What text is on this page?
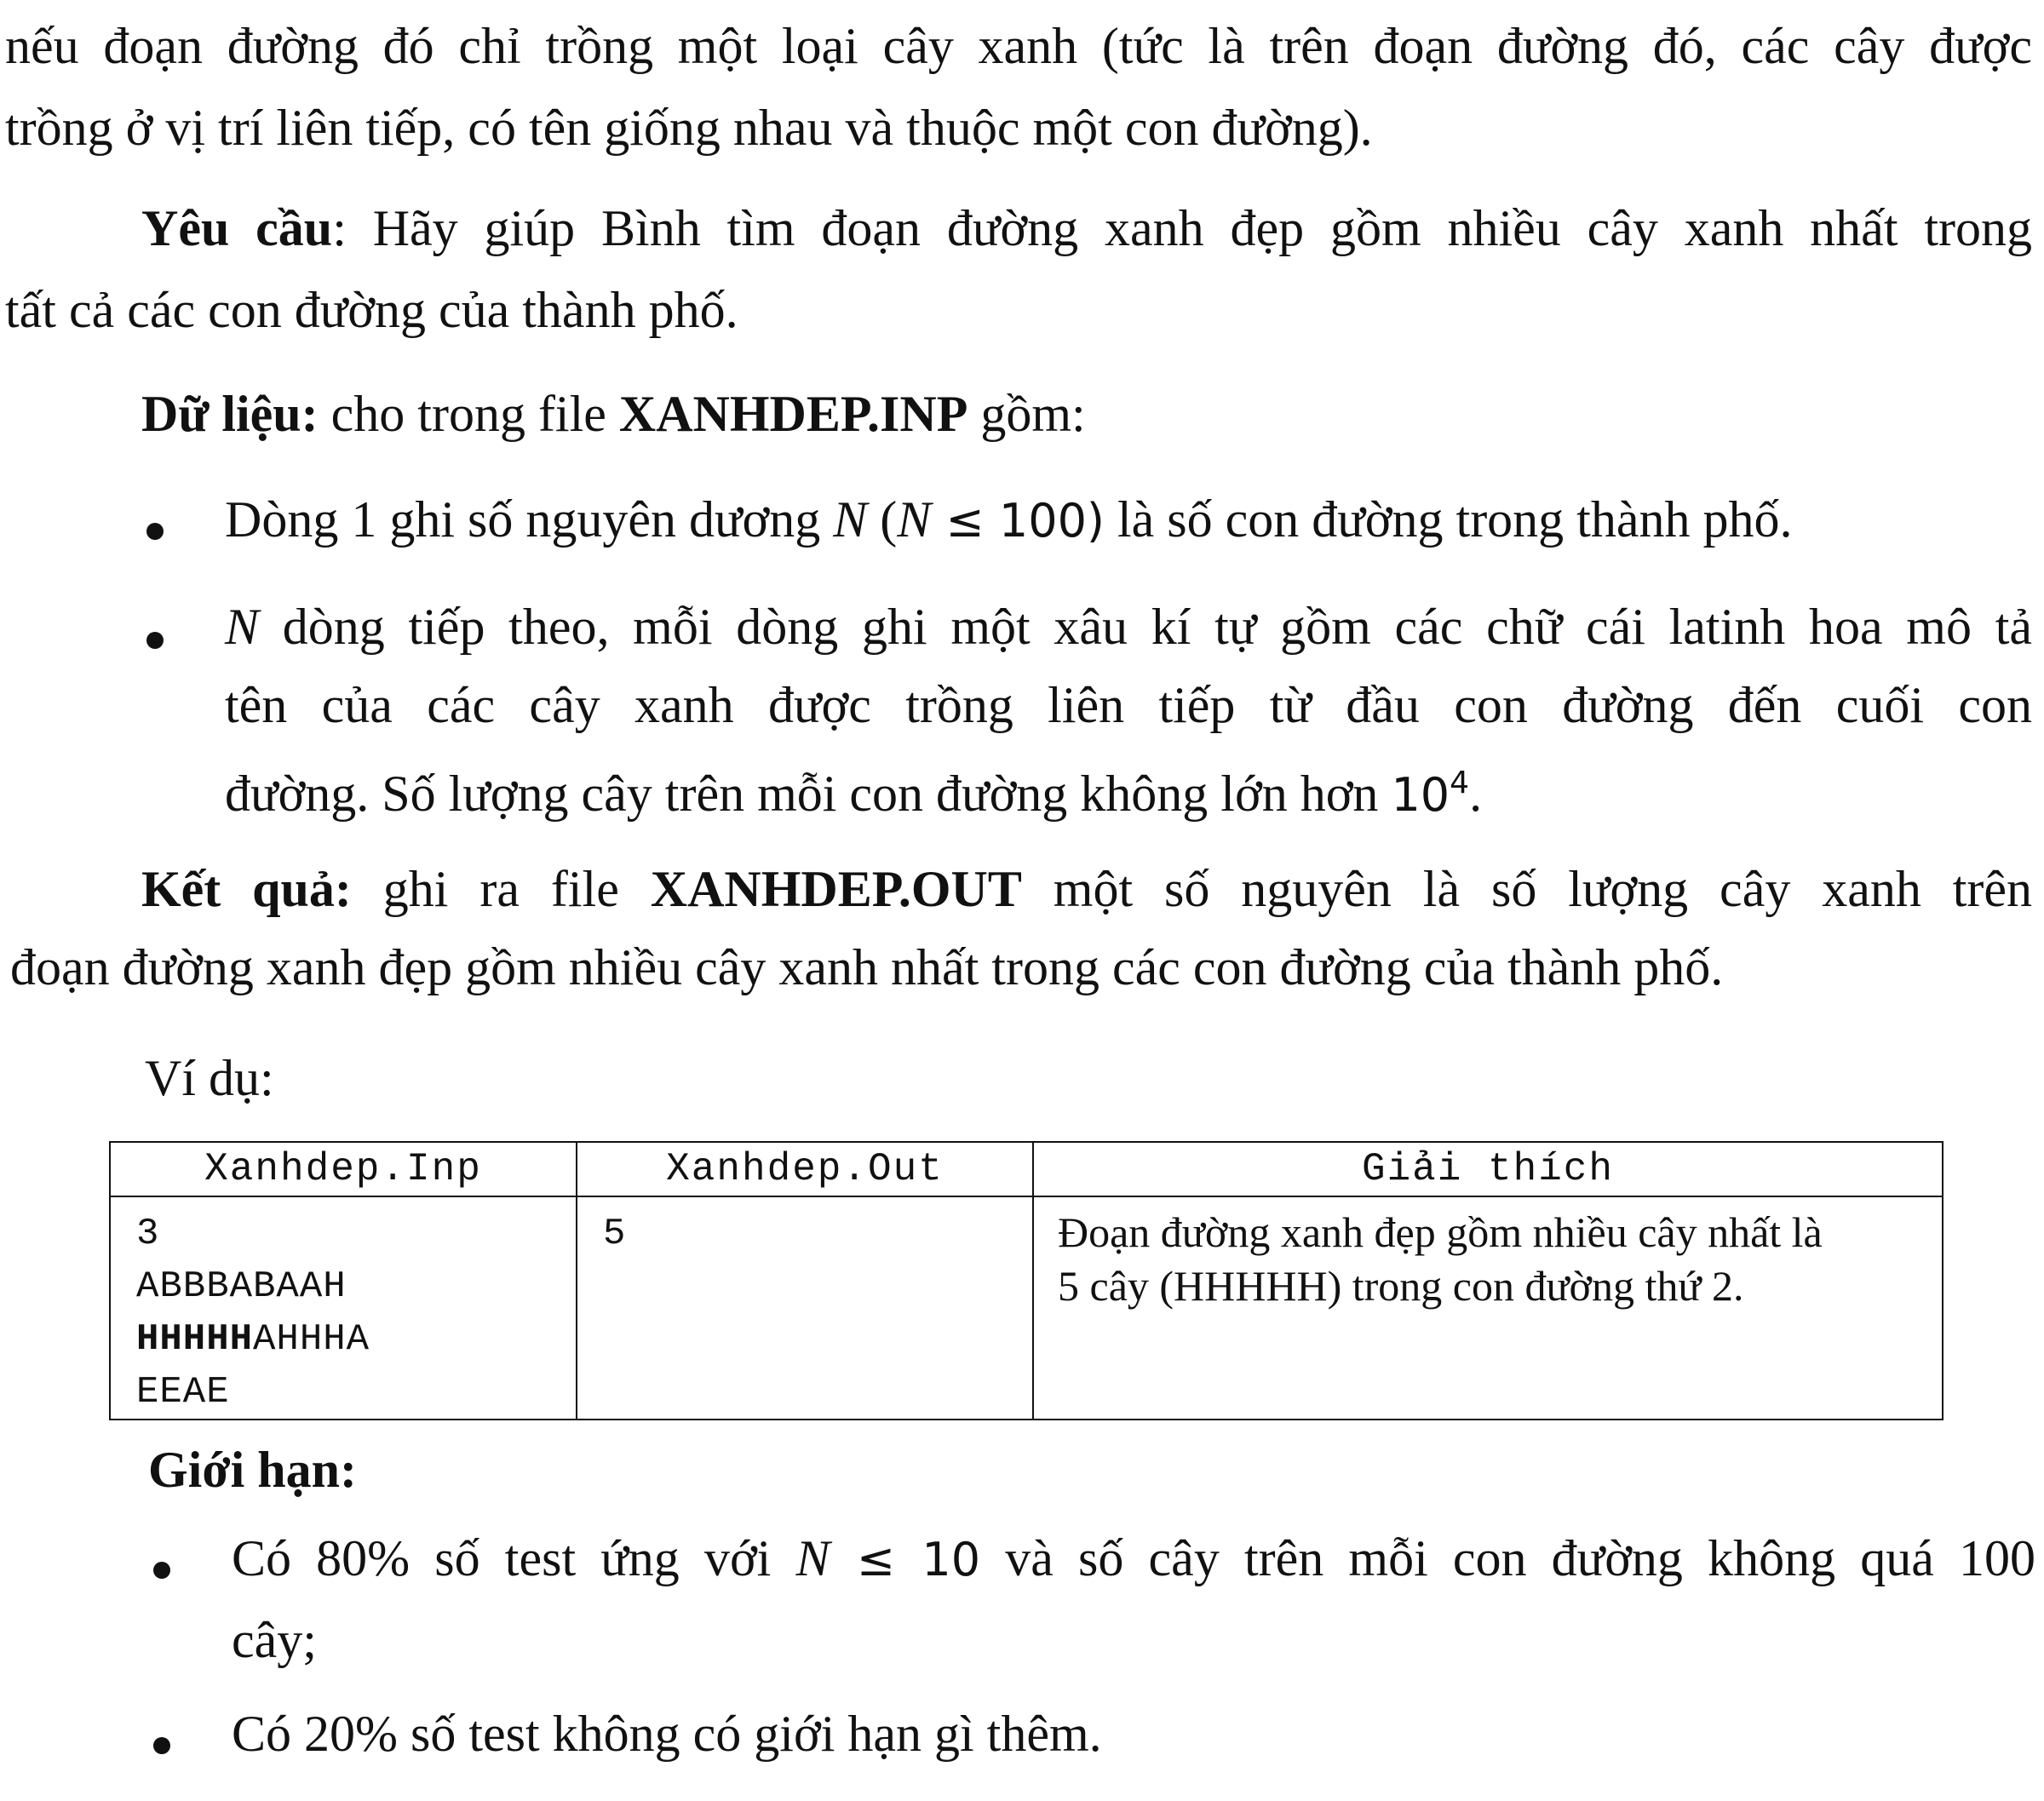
nếu đoạn đường đó chỉ trồng một loại cây xanh (tức là trên đoạn đường đó, các cây được
trồng ở vị trí liên tiếp, có tên giống nhau và thuộc một con đường).
Yêu cầu: Hãy giúp Bình tìm đoạn đường xanh đẹp gồm nhiều cây xanh nhất trong
tất cả các con đường của thành phố.
Dữ liệu: cho trong file XANHDEP.INP gồm:
Dòng 1 ghi số nguyên dương N (N ≤ 100) là số con đường trong thành phố.
N dòng tiếp theo, mỗi dòng ghi một xâu kí tự gồm các chữ cái latinh hoa mô tả
tên của các cây xanh được trồng liên tiếp từ đầu con đường đến cuối con
đường. Số lượng cây trên mỗi con đường không lớn hơn $10^4$.
Kết quả: ghi ra file XANHDEP.OUT một số nguyên là số lượng cây xanh trên
đoạn đường xanh đẹp gồm nhiều cây xanh nhất trong các con đường của thành phố.
Ví dụ:
Xanhdep.Inp	Xanhdep.Out	Giải thích

3
ABBBABAAH
HHHHHAHHHA
EEAE	5	Đoạn đường xanh đẹp gồm nhiều cây nhất là
5 cây (HHHHH) trong con đường thứ 2.
Giới hạn:
Có 80% số test ứng với N ≤ 10 và số cây trên mỗi con đường không quá 100
cây;
Có 20% số test không có giới hạn gì thêm.
